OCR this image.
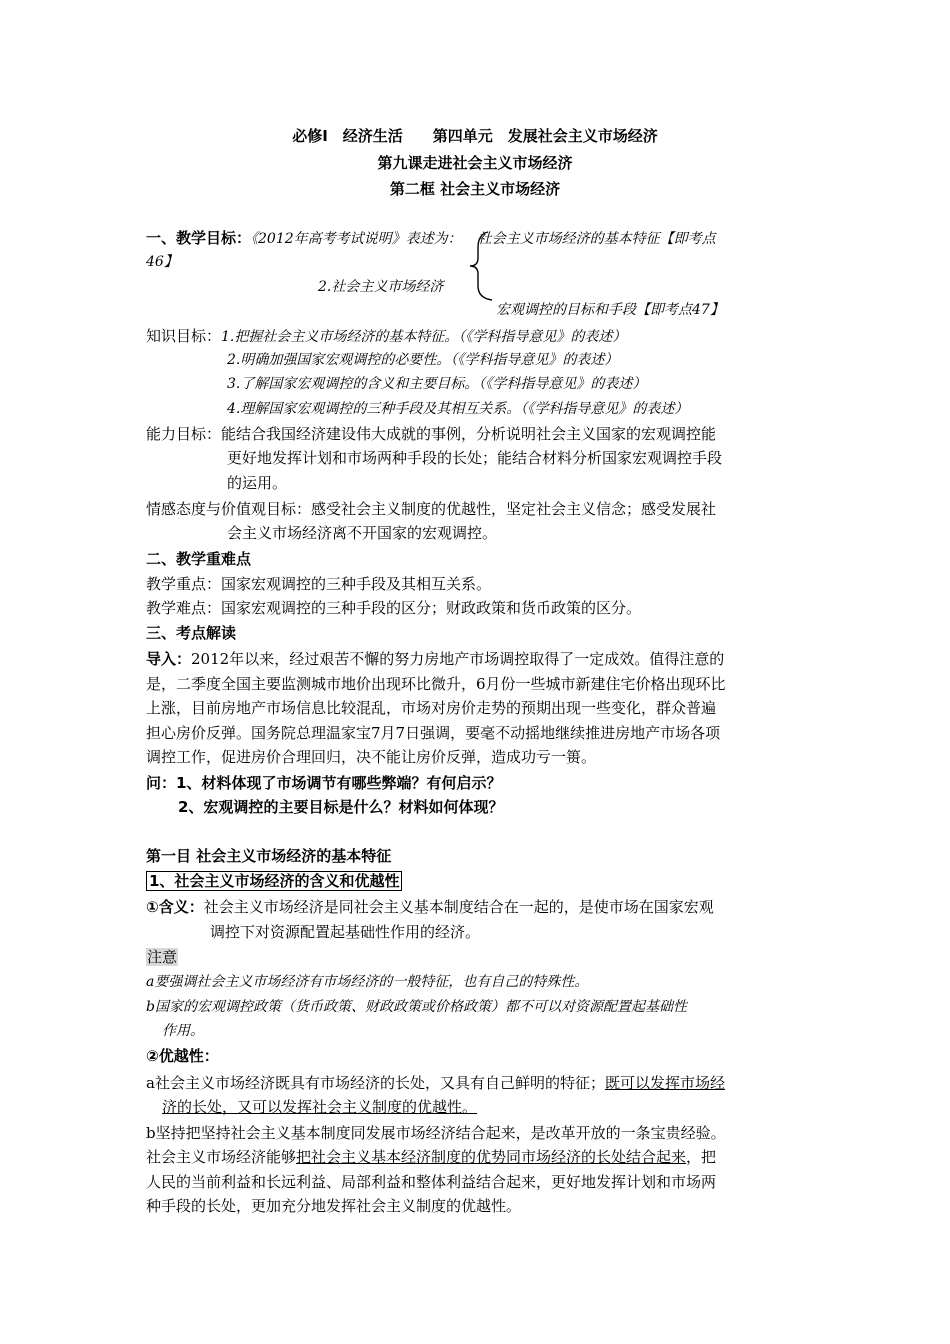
必修Ⅰ　经济生活　　第四单元　发展社会主义市场经济
第九课走进社会主义市场经济
第二框 社会主义市场经济
一、教学目标：《2012年高考考试说明》表述为： 社会主义市场经济的基本特征【即考点
46】
2.社会主义市场经济
宏观调控的目标和手段【即考点47】
知识目标：1.把握社会主义市场经济的基本特征。（《学科指导意见》的表述）
2.明确加强国家宏观调控的必要性。（《学科指导意见》的表述）
3.了解国家宏观调控的含义和主要目标。（《学科指导意见》的表述）
4.理解国家宏观调控的三种手段及其相互关系。（《学科指导意见》的表述）
能力目标：能结合我国经济建设伟大成就的事例，分析说明社会主义国家的宏观调控能
更好地发挥计划和市场两种手段的长处；能结合材料分析国家宏观调控手段
的运用。
情感态度与价值观目标：感受社会主义制度的优越性，坚定社会主义信念；感受发展社
会主义市场经济离不开国家的宏观调控。
二、教学重难点
教学重点：国家宏观调控的三种手段及其相互关系。
教学难点：国家宏观调控的三种手段的区分；财政政策和货币政策的区分。
三、考点解读
导入：2012年以来，经过艰苦不懈的努力房地产市场调控取得了一定成效。值得注意的
是，二季度全国主要监测城市地价出现环比微升，6月份一些城市新建住宅价格出现环比
上涨，目前房地产市场信息比较混乱，市场对房价走势的预期出现一些变化，群众普遍
担心房价反弹。国务院总理温家宝7月7日强调，要毫不动摇地继续推进房地产市场各项
调控工作，促进房价合理回归，决不能让房价反弹，造成功亏一篑。
问：1、材料体现了市场调节有哪些弊端？有何启示？
2、宏观调控的主要目标是什么？材料如何体现？
第一目 社会主义市场经济的基本特征
1、社会主义市场经济的含义和优越性
①含义：社会主义市场经济是同社会主义基本制度结合在一起的，是使市场在国家宏观
调控下对资源配置起基础性作用的经济。
注意
a要强调社会主义市场经济有市场经济的一般特征，也有自己的特殊性。
b国家的宏观调控政策（货币政策、财政政策或价格政策）都不可以对资源配置起基础性
作用。
②优越性：
a社会主义市场经济既具有市场经济的长处，又具有自己鲜明的特征；既可以发挥市场经
济的长处，又可以发挥社会主义制度的优越性。
b坚持把坚持社会主义基本制度同发展市场经济结合起来，是改革开放的一条宝贵经验。
社会主义市场经济能够把社会主义基本经济制度的优势同市场经济的长处结合起来，把
人民的当前利益和长远利益、局部利益和整体利益结合起来，更好地发挥计划和市场两
种手段的长处，更加充分地发挥社会主义制度的优越性。
